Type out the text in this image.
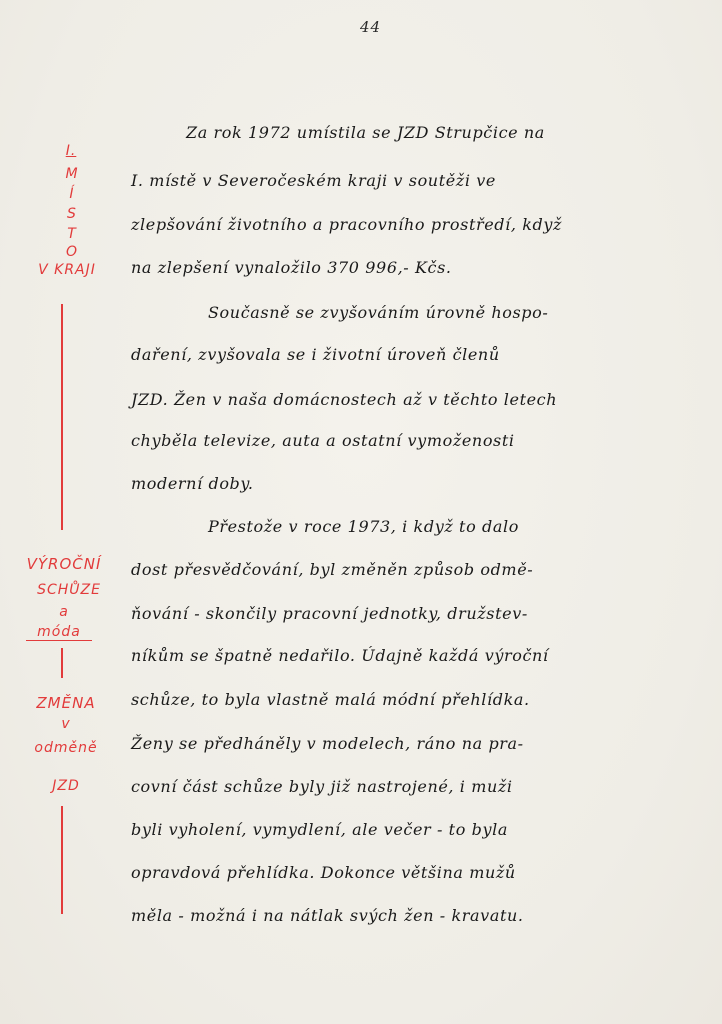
44
I.
M
Í
S
T
O
V KRAJI
VÝROČNÍ
SCHŮZE
a
móda
ZMĚNA
v
odměně
JZD
Za rok 1972 umístila se JZD Strupčice na
I. místě v Severočeském kraji v soutěži ve
zlepšování životního a pracovního prostředí, když
na zlepšení vynaložilo 370 996,- Kčs.
Současně se zvyšováním úrovně hospo-
daření, zvyšovala se i životní úroveň členů
JZD. Žen v naša domácnostech až v těchto letech
chyběla televize, auta a ostatní vymoženosti
moderní doby.
Přestože v roce 1973, i když to dalo
dost přesvědčování, byl změněn způsob odmě-
ňování - skončily pracovní jednotky, družstev-
níkům se špatně nedařilo. Údajně každá výroční
schůze, to byla vlastně malá módní přehlídka.
Ženy se předháněly v modelech, ráno na pra-
covní část schůze byly již nastrojené, i muži
byli vyholení, vymydlení, ale večer - to byla
opravdová přehlídka. Dokonce většina mužů
měla - možná i na nátlak svých žen - kravatu.
